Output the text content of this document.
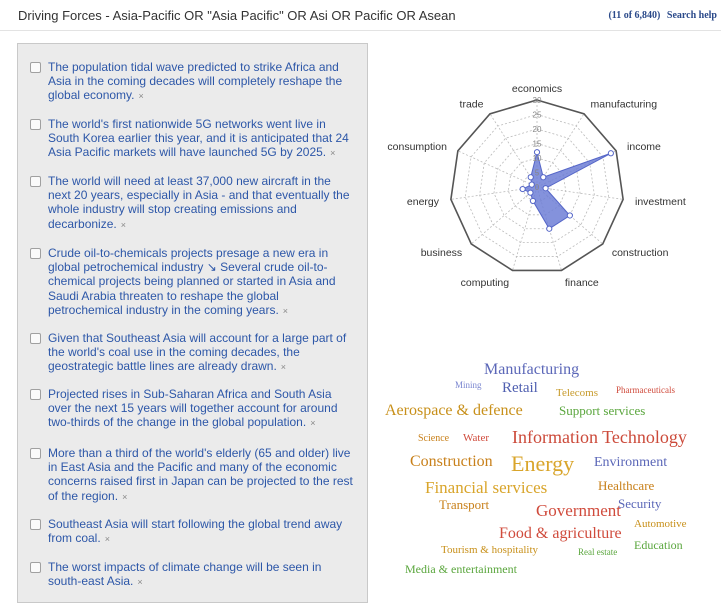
Driving Forces - Asia-Pacific OR "Asia Pacific" OR Asi OR Pacific OR Asean	(11 of 6,840) Search help
The population tidal wave predicted to strike Africa and Asia in the coming decades will completely reshape the global economy. ×
The world's first nationwide 5G networks went live in South Korea earlier this year, and it is anticipated that 24 Asia Pacific markets will have launched 5G by 2025. ×
The world will need at least 37,000 new aircraft in the next 20 years, especially in Asia - and that eventually the whole industry will stop creating emissions and decarbonize. ×
Crude oil-to-chemicals projects presage a new era in global petrochemical industry ↘ Several crude oil-to-chemical projects being planned or started in Asia and Saudi Arabia threaten to reshape the global petrochemical industry in the coming years. ×
Given that Southeast Asia will account for a large part of the world's coal use in the coming decades, the geostrategic battle lines are already drawn. ×
Projected rises in Sub-Saharan Africa and South Asia over the next 15 years will together account for around two-thirds of the change in the global population. ×
More than a third of the world's elderly (65 and older) live in East Asia and the Pacific and many of the economic concerns raised first in Japan can be projected to the rest of the region. ×
Southeast Asia will start following the global trend away from coal. ×
The worst impacts of climate change will be seen in south-east Asia. ×
0
5
10
15
20
25
30
economics
manufacturing
income
investment
construction
finance
computing
business
energy
consumption
trade
Manufacturing
Mining Retail Telecoms Pharmaceuticals
Aerospace & defence	Support services
Science Water Information Technology
Construction Energy Environment
Financial services	Healthcare
Transport	Government
Security
Automotive
Food & agriculture
Education
Tourism & hospitality	Real estate
Media & entertainment
